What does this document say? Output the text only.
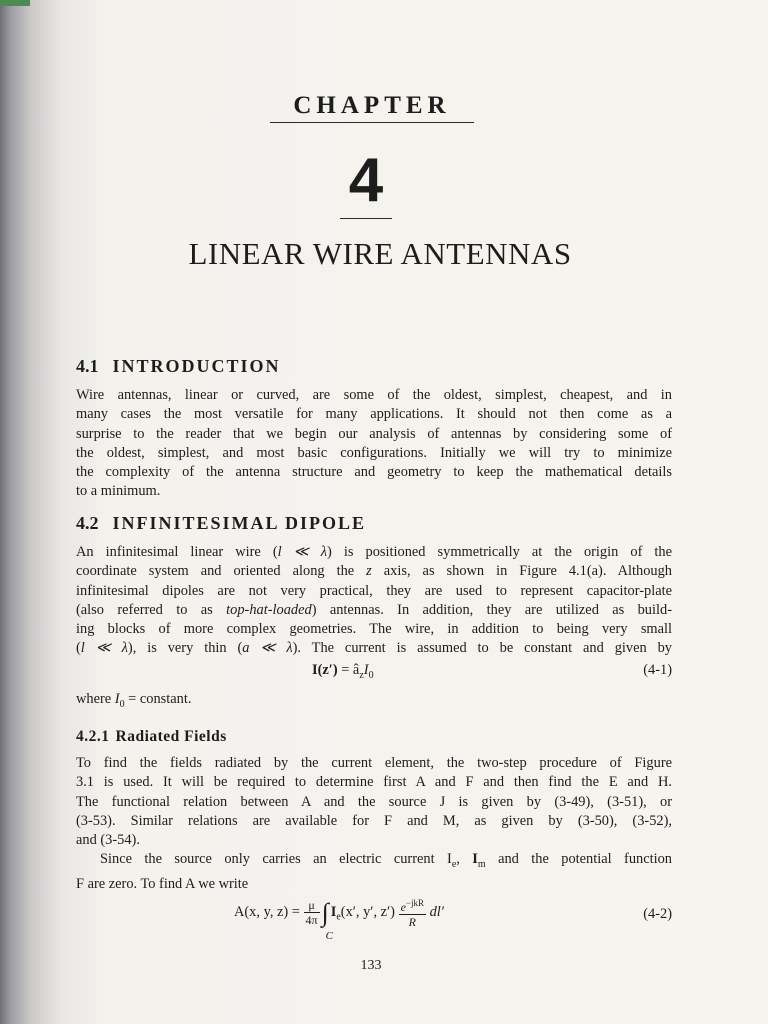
CHAPTER
4
LINEAR WIRE ANTENNAS
4.1 INTRODUCTION
Wire antennas, linear or curved, are some of the oldest, simplest, cheapest, and in
many cases the most versatile for many applications. It should not then come as a
surprise to the reader that we begin our analysis of antennas by considering some of
the oldest, simplest, and most basic configurations. Initially we will try to minimize
the complexity of the antenna structure and geometry to keep the mathematical details
to a minimum.
4.2 INFINITESIMAL DIPOLE
An infinitesimal linear wire (l ≪ λ) is positioned symmetrically at the origin of the
coordinate system and oriented along the z axis, as shown in Figure 4.1(a). Although
infinitesimal dipoles are not very practical, they are used to represent capacitor-plate
(also referred to as top-hat-loaded) antennas. In addition, they are utilized as build-
ing blocks of more complex geometries. The wire, in addition to being very small
(l ≪ λ), is very thin (a ≪ λ). The current is assumed to be constant and given by
$I(z') = â_zI_0$	(4-1)
where $I_0$ = constant.
4.2.1 Radiated Fields
To find the fields radiated by the current element, the two-step procedure of Figure
3.1 is used. It will be required to determine first A and F and then find the E and H.
The functional relation between A and the source J is given by (3-49), (3-51), or
(3-53). Similar relations are available for F and M, as given by (3-50), (3-52),
and (3-54).
Since the source only carries an electric current $I_e$, $I_m$ and the potential function
F are zero. To find A we write
A(x, y, $z) = \frac{\mu}{4\pi}$ ∫
C
$I_e(x'$, y′, $z') \frac{e^{-jkR}}{R} dl'$	(4-2)
133
